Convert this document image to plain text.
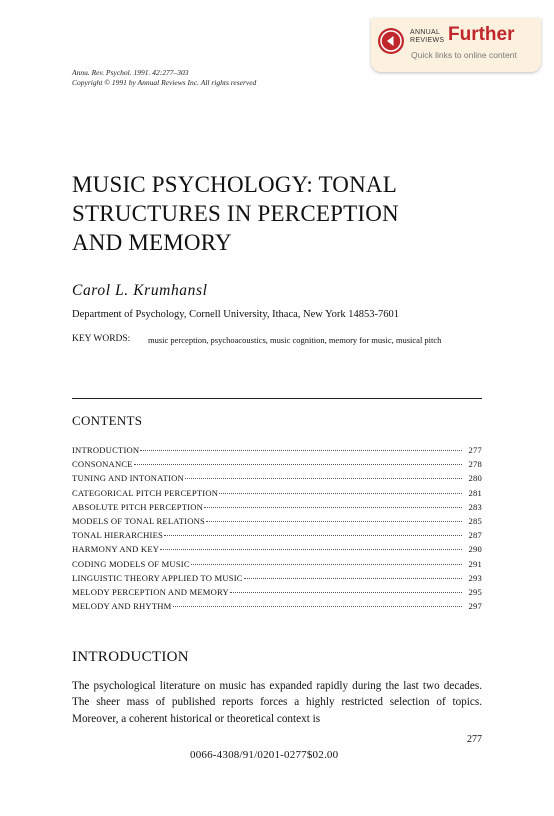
ANNUAL
REVIEWS Further
Quick links to online content
Annu. Rev. Psychol. 1991. 42:277–303
Copyright © 1991 by Annual Reviews Inc. All rights reserved
MUSIC PSYCHOLOGY: TONAL
STRUCTURES IN PERCEPTION
AND MEMORY
Carol L. Krumhansl
Department of Psychology, Cornell University, Ithaca, New York 14853-7601
KEY WORDS: music perception, psychoacoustics, music cognition, memory for music, musical pitch
CONTENTS
INTRODUCTION	277
CONSONANCE	278
TUNING AND INTONATION	280
CATEGORICAL PITCH PERCEPTION	281
ABSOLUTE PITCH PERCEPTION	283
MODELS OF TONAL RELATIONS	285
TONAL HIERARCHIES	287
HARMONY AND KEY	290
CODING MODELS OF MUSIC	291
LINGUISTIC THEORY APPLIED TO MUSIC	293
MELODY PERCEPTION AND MEMORY	295
MELODY AND RHYTHM	297
INTRODUCTION

The psychological literature on music has expanded rapidly during the last two decades. The sheer mass of published reports forces a highly restricted selection of topics. Moreover, a coherent historical or theoretical context is

277
0066-4308/91/0201-0277$02.00
